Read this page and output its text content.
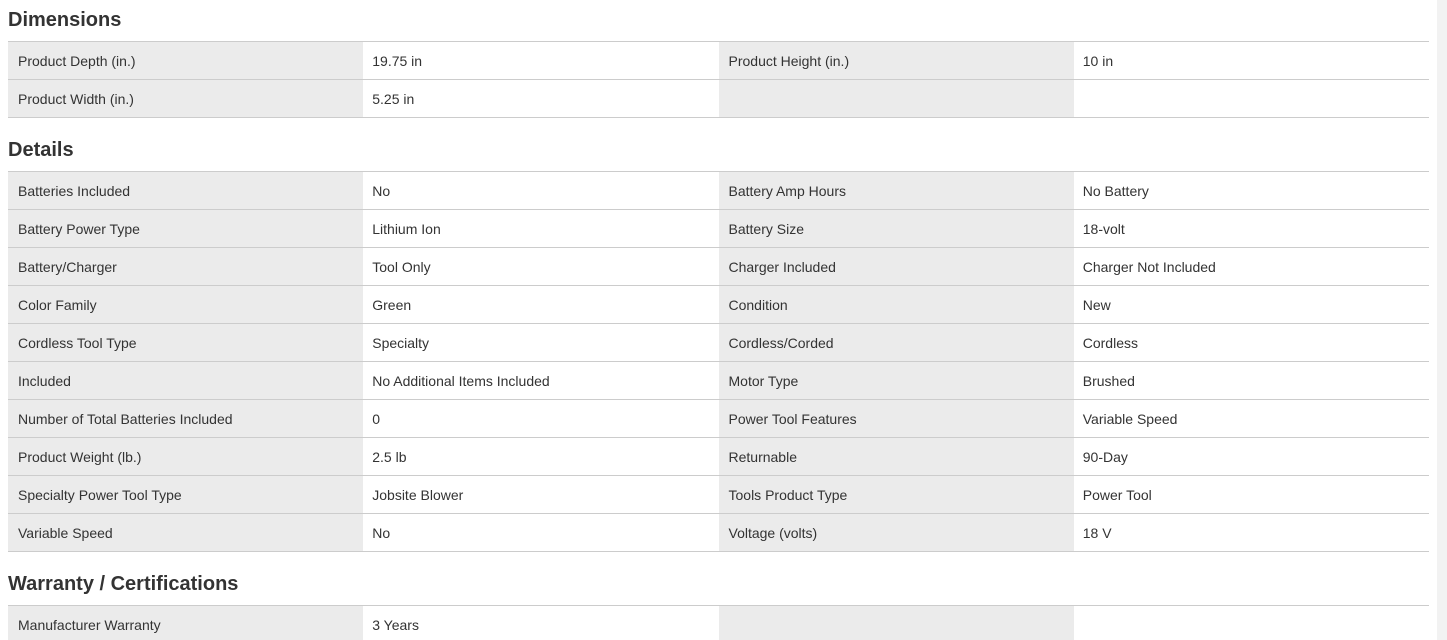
Dimensions
Product Depth (in.)	19.75 in	Product Height (in.)	10 in
Product Width (in.)	5.25 in
Details
Batteries Included	No	Battery Amp Hours	No Battery
Battery Power Type	Lithium Ion	Battery Size	18-volt
Battery/Charger	Tool Only	Charger Included	Charger Not Included
Color Family	Green	Condition	New
Cordless Tool Type	Specialty	Cordless/Corded	Cordless
Included	No Additional Items Included	Motor Type	Brushed
Number of Total Batteries Included	0	Power Tool Features	Variable Speed
Product Weight (lb.)	2.5 lb	Returnable	90-Day
Specialty Power Tool Type	Jobsite Blower	Tools Product Type	Power Tool
Variable Speed	No	Voltage (volts)	18 V
Warranty / Certifications
Manufacturer Warranty	3 Years
